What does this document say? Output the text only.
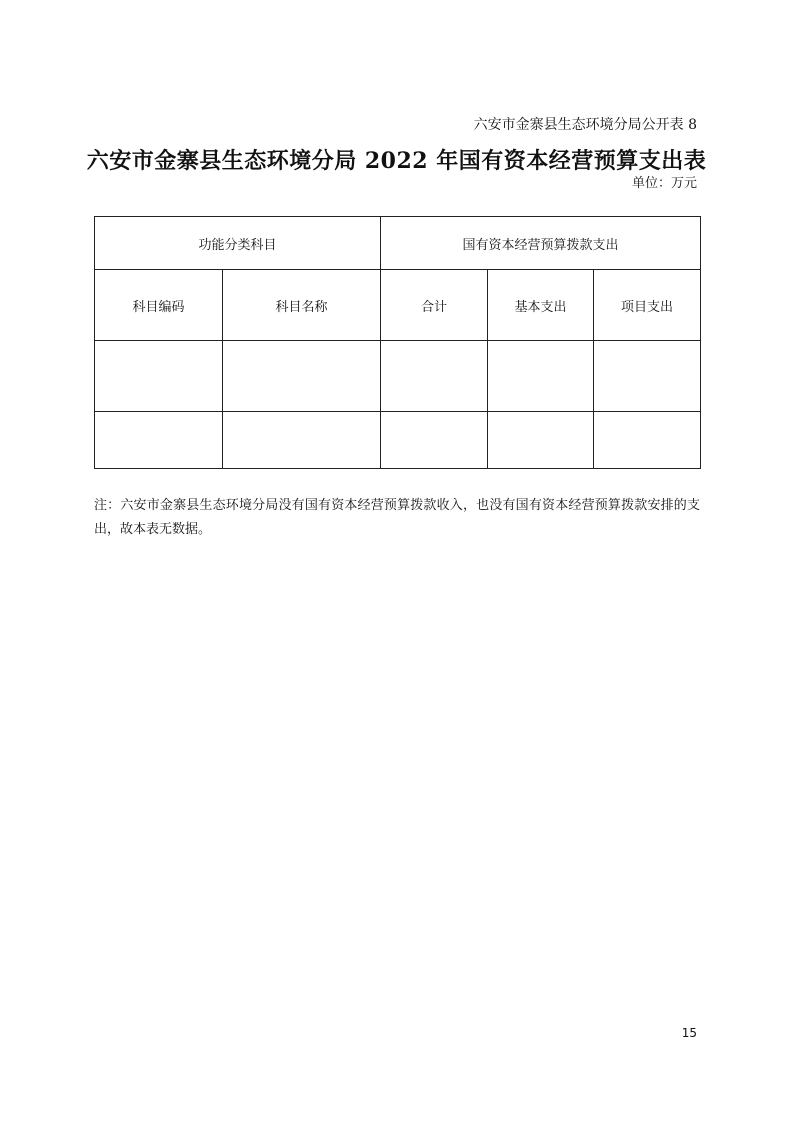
六安市金寨县生态环境分局公开表 8
六安市金寨县生态环境分局 2022 年国有资本经营预算支出表
单位：万元
功能分类科目		国有资本经营预算拨款支出		
科目编码	科目名称	合计	基本支出	项目支出

注：六安市金寨县生态环境分局没有国有资本经营预算拨款收入，也没有国有资本经营预算拨款安排的支出，故本表无数据。
15
